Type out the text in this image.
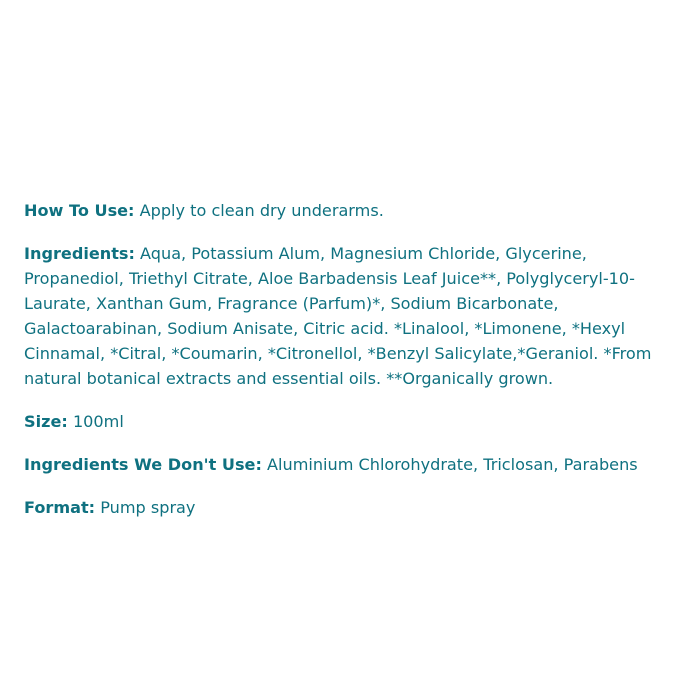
How To Use: Apply to clean dry underarms.

Ingredients: Aqua, Potassium Alum, Magnesium Chloride, Glycerine, Propanediol, Triethyl Citrate, Aloe Barbadensis Leaf Juice**, Polyglyceryl-10-Laurate, Xanthan Gum, Fragrance (Parfum)*, Sodium Bicarbonate, Galactoarabinan, Sodium Anisate, Citric acid. *Linalool, *Limonene, *Hexyl Cinnamal, *Citral, *Coumarin, *Citronellol, *Benzyl Salicylate,*Geraniol. *From natural botanical extracts and essential oils. **Organically grown.

Size: 100ml

Ingredients We Don't Use: Aluminium Chlorohydrate, Triclosan, Parabens

Format: Pump spray
